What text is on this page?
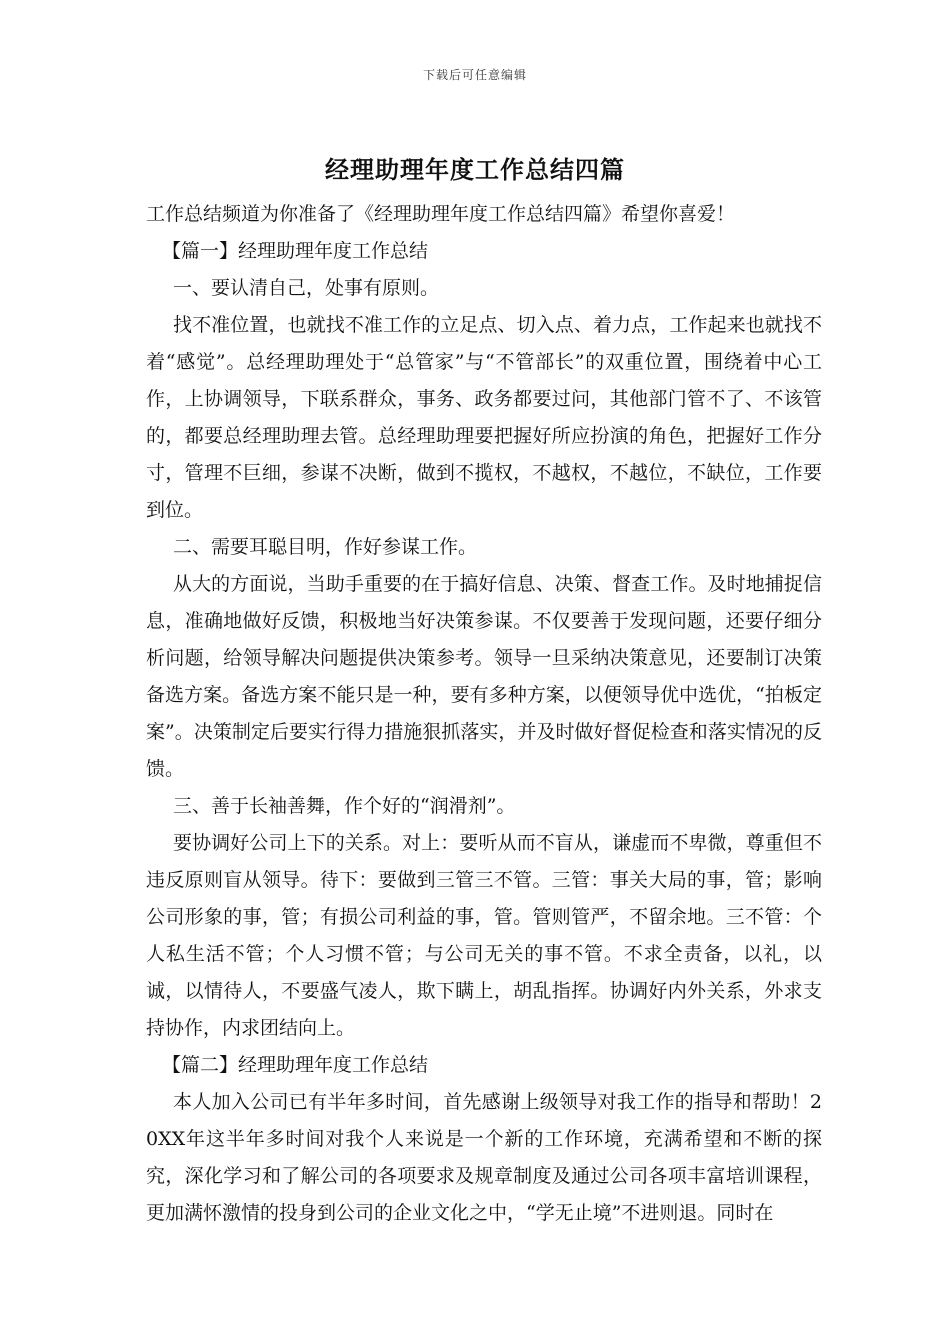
下载后可任意编辑
经理助理年度工作总结四篇

工作总结频道为你准备了《经理助理年度工作总结四篇》希望你喜爱！

【篇一】经理助理年度工作总结

一、要认清自己，处事有原则。

找不准位置，也就找不准工作的立足点、切入点、着力点，工作起来也就找不着“感觉”。总经理助理处于“总管家”与“不管部长”的双重位置，围绕着中心工作，上协调领导，下联系群众，事务、政务都要过问，其他部门管不了、不该管的，都要总经理助理去管。总经理助理要把握好所应扮演的角色，把握好工作分寸，管理不巨细，参谋不决断，做到不揽权，不越权，不越位，不缺位，工作要到位。

二、需要耳聪目明，作好参谋工作。

从大的方面说，当助手重要的在于搞好信息、决策、督查工作。及时地捕捉信息，准确地做好反馈，积极地当好决策参谋。不仅要善于发现问题，还要仔细分析问题，给领导解决问题提供决策参考。领导一旦采纳决策意见，还要制订决策备选方案。备选方案不能只是一种，要有多种方案，以便领导优中选优，“拍板定案”。决策制定后要实行得力措施狠抓落实，并及时做好督促检查和落实情况的反馈。

三、善于长袖善舞，作个好的“润滑剂”。

要协调好公司上下的关系。对上：要听从而不盲从，谦虚而不卑微，尊重但不违反原则盲从领导。待下：要做到三管三不管。三管：事关大局的事，管；影响公司形象的事，管；有损公司利益的事，管。管则管严，不留余地。三不管：个人私生活不管；个人习惯不管；与公司无关的事不管。不求全责备，以礼，以诚，以情待人，不要盛气凌人，欺下瞒上，胡乱指挥。协调好内外关系，外求支持协作，内求团结向上。

【篇二】经理助理年度工作总结

本人加入公司已有半年多时间，首先感谢上级领导对我工作的指导和帮助！20XX年这半年多时间对我个人来说是一个新的工作环境，充满希望和不断的探究，深化学习和了解公司的各项要求及规章制度及通过公司各项丰富培训课程，更加满怀激情的投身到公司的企业文化之中，“学无止境”不进则退。同时在
